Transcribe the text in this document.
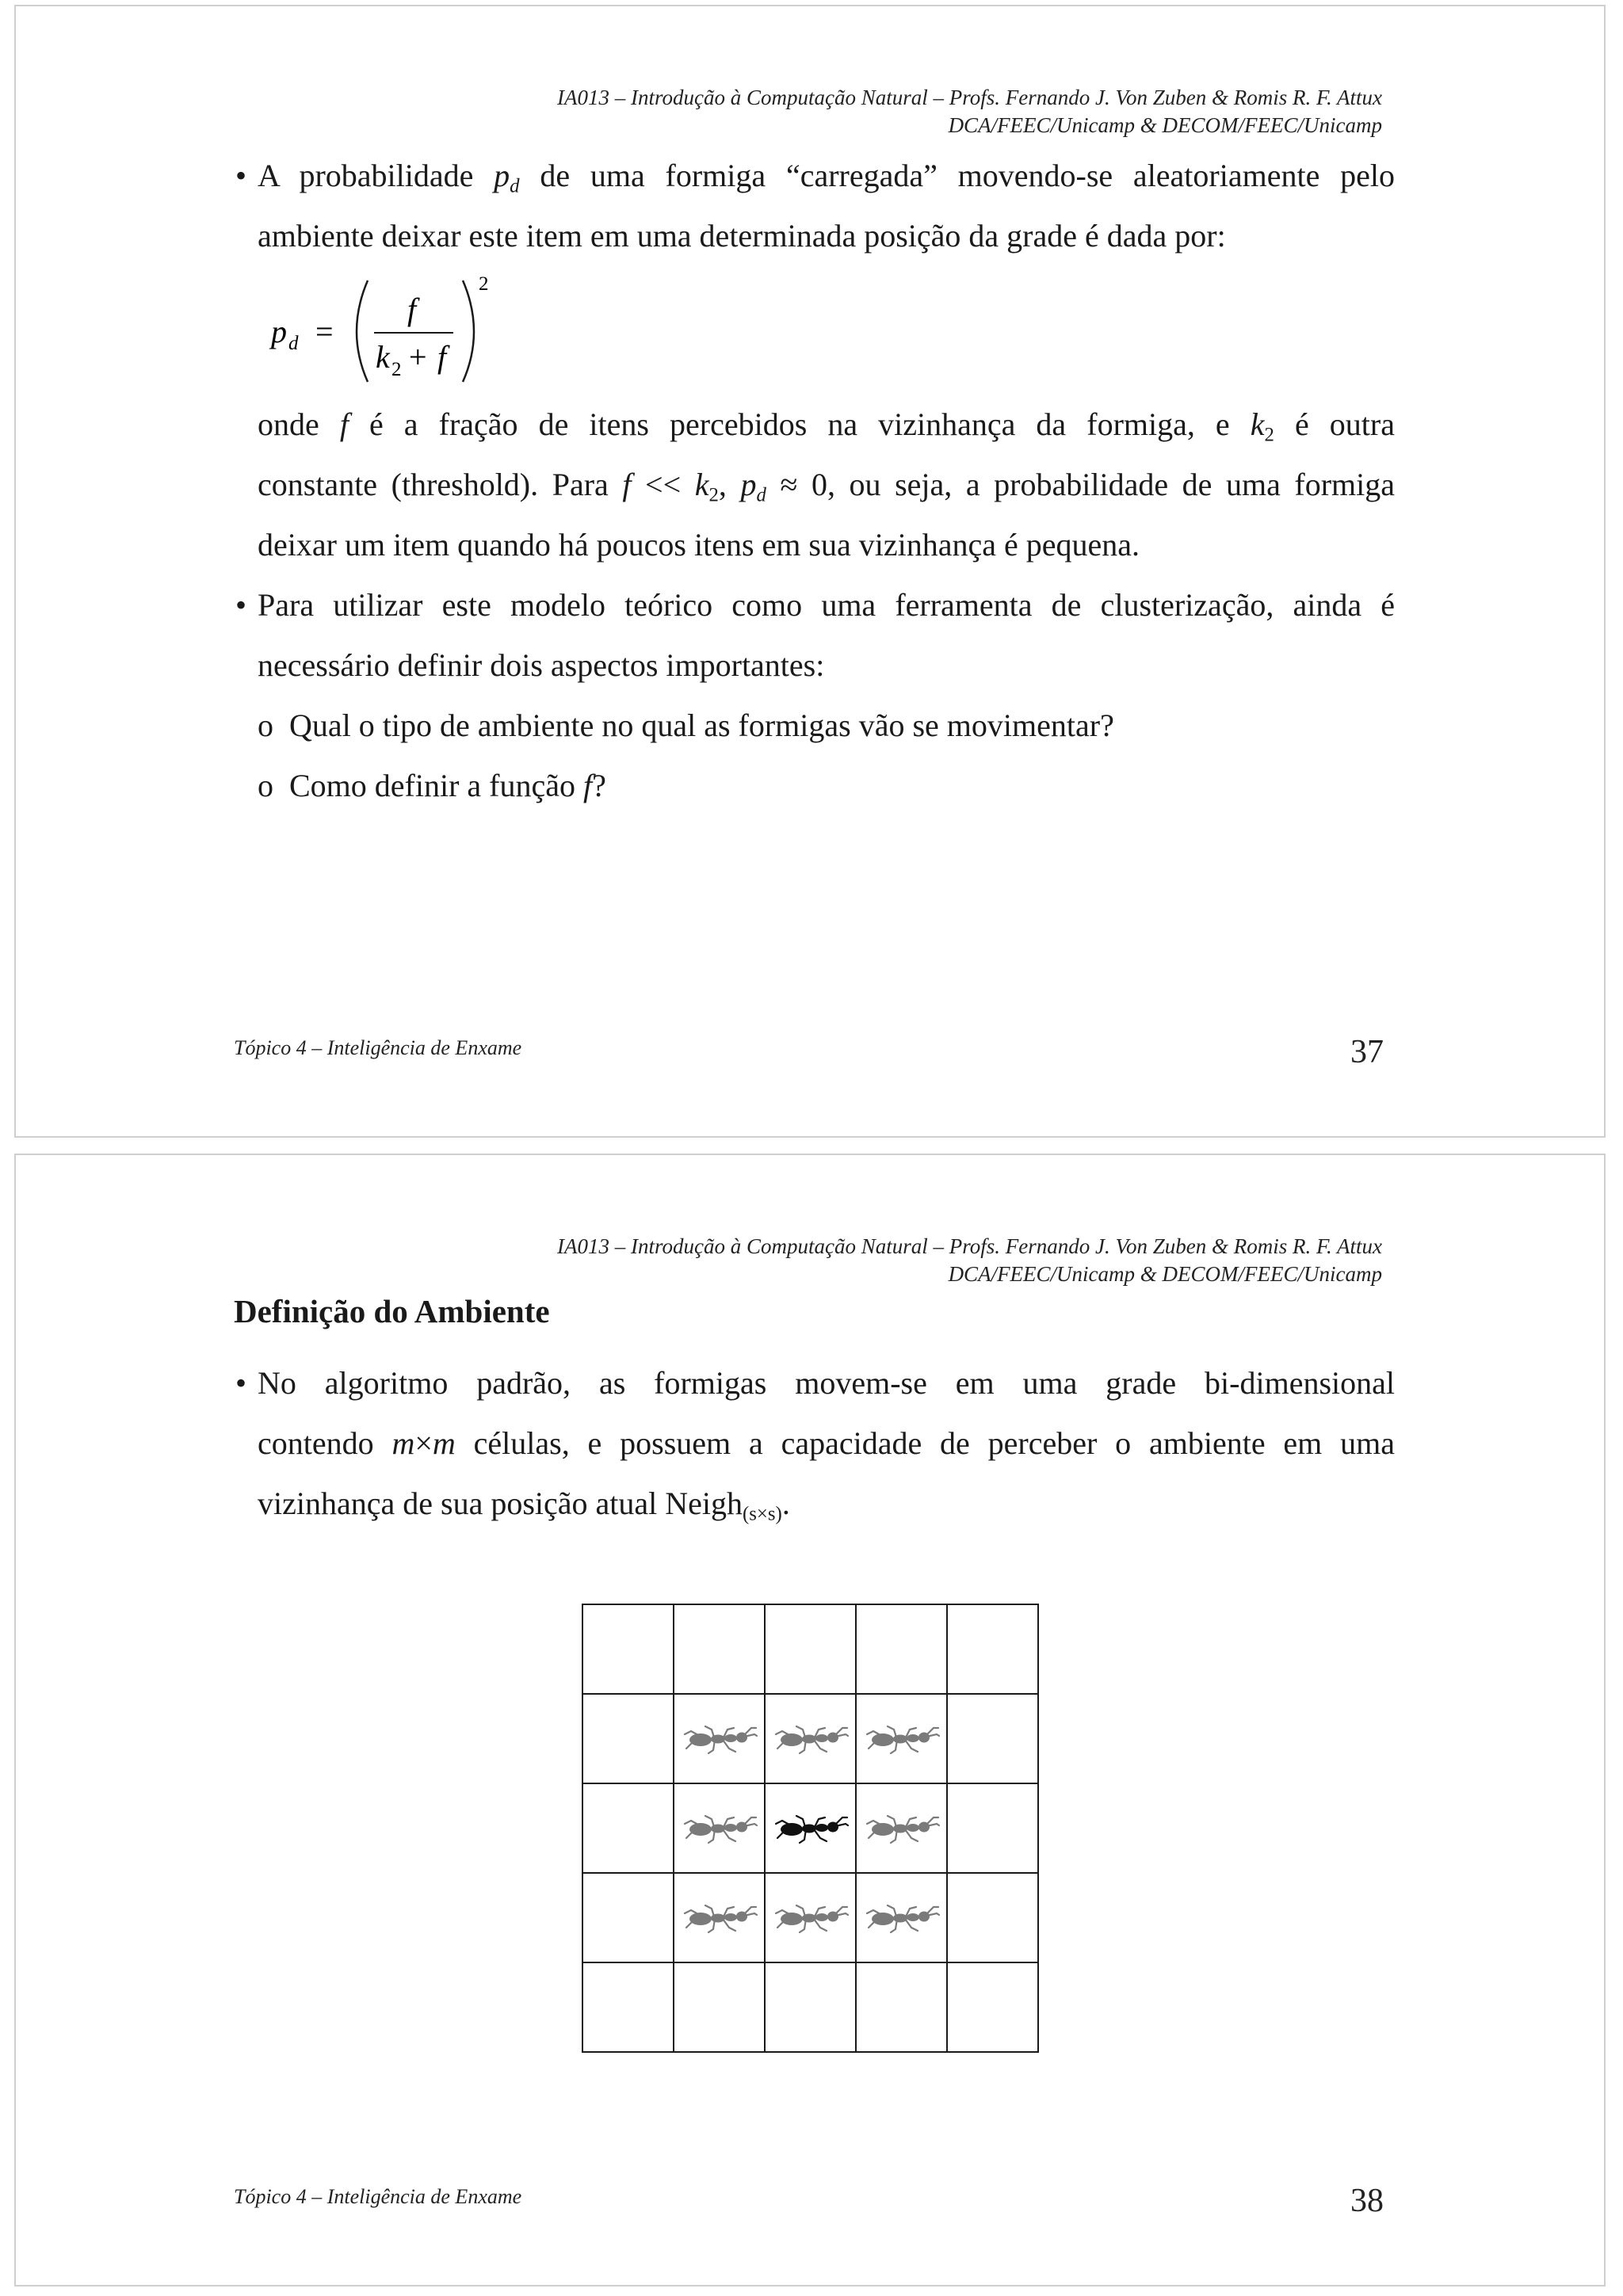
IA013 – Introdução à Computação Natural – Profs. Fernando J. Von Zuben & Romis R. F. Attux
DCA/FEEC/Unicamp & DECOM/FEEC/Unicamp
• A probabilidade $p_d$ de uma formiga “carregada” movendo-se aleatoriamente pelo
ambiente deixar este item em uma determinada posição da grade é dada por:
p d =
f
k 2 + f
2
onde f é a fração de itens percebidos na vizinhança da formiga, e $k_2$ é outra
constante (threshold). Para $f << k_2$, $p_d \approx 0$, ou seja, a probabilidade de uma formiga
deixar um item quando há poucos itens em sua vizinhança é pequena.
• Para utilizar este modelo teórico como uma ferramenta de clusterização, ainda é
necessário definir dois aspectos importantes:
o Qual o tipo de ambiente no qual as formigas vão se movimentar?
o Como definir a função f?
Tópico 4 – Inteligência de Enxame	37
IA013 – Introdução à Computação Natural – Profs. Fernando J. Von Zuben & Romis R. F. Attux
DCA/FEEC/Unicamp & DECOM/FEEC/Unicamp
Definição do Ambiente
• No algoritmo padrão, as formigas movem-se em uma grade bi-dimensional
contendo m×m células, e possuem a capacidade de perceber o ambiente em uma
vizinhança de sua posição atual Neigh$_{(s\times s)}$.

Tópico 4 – Inteligência de Enxame	38
